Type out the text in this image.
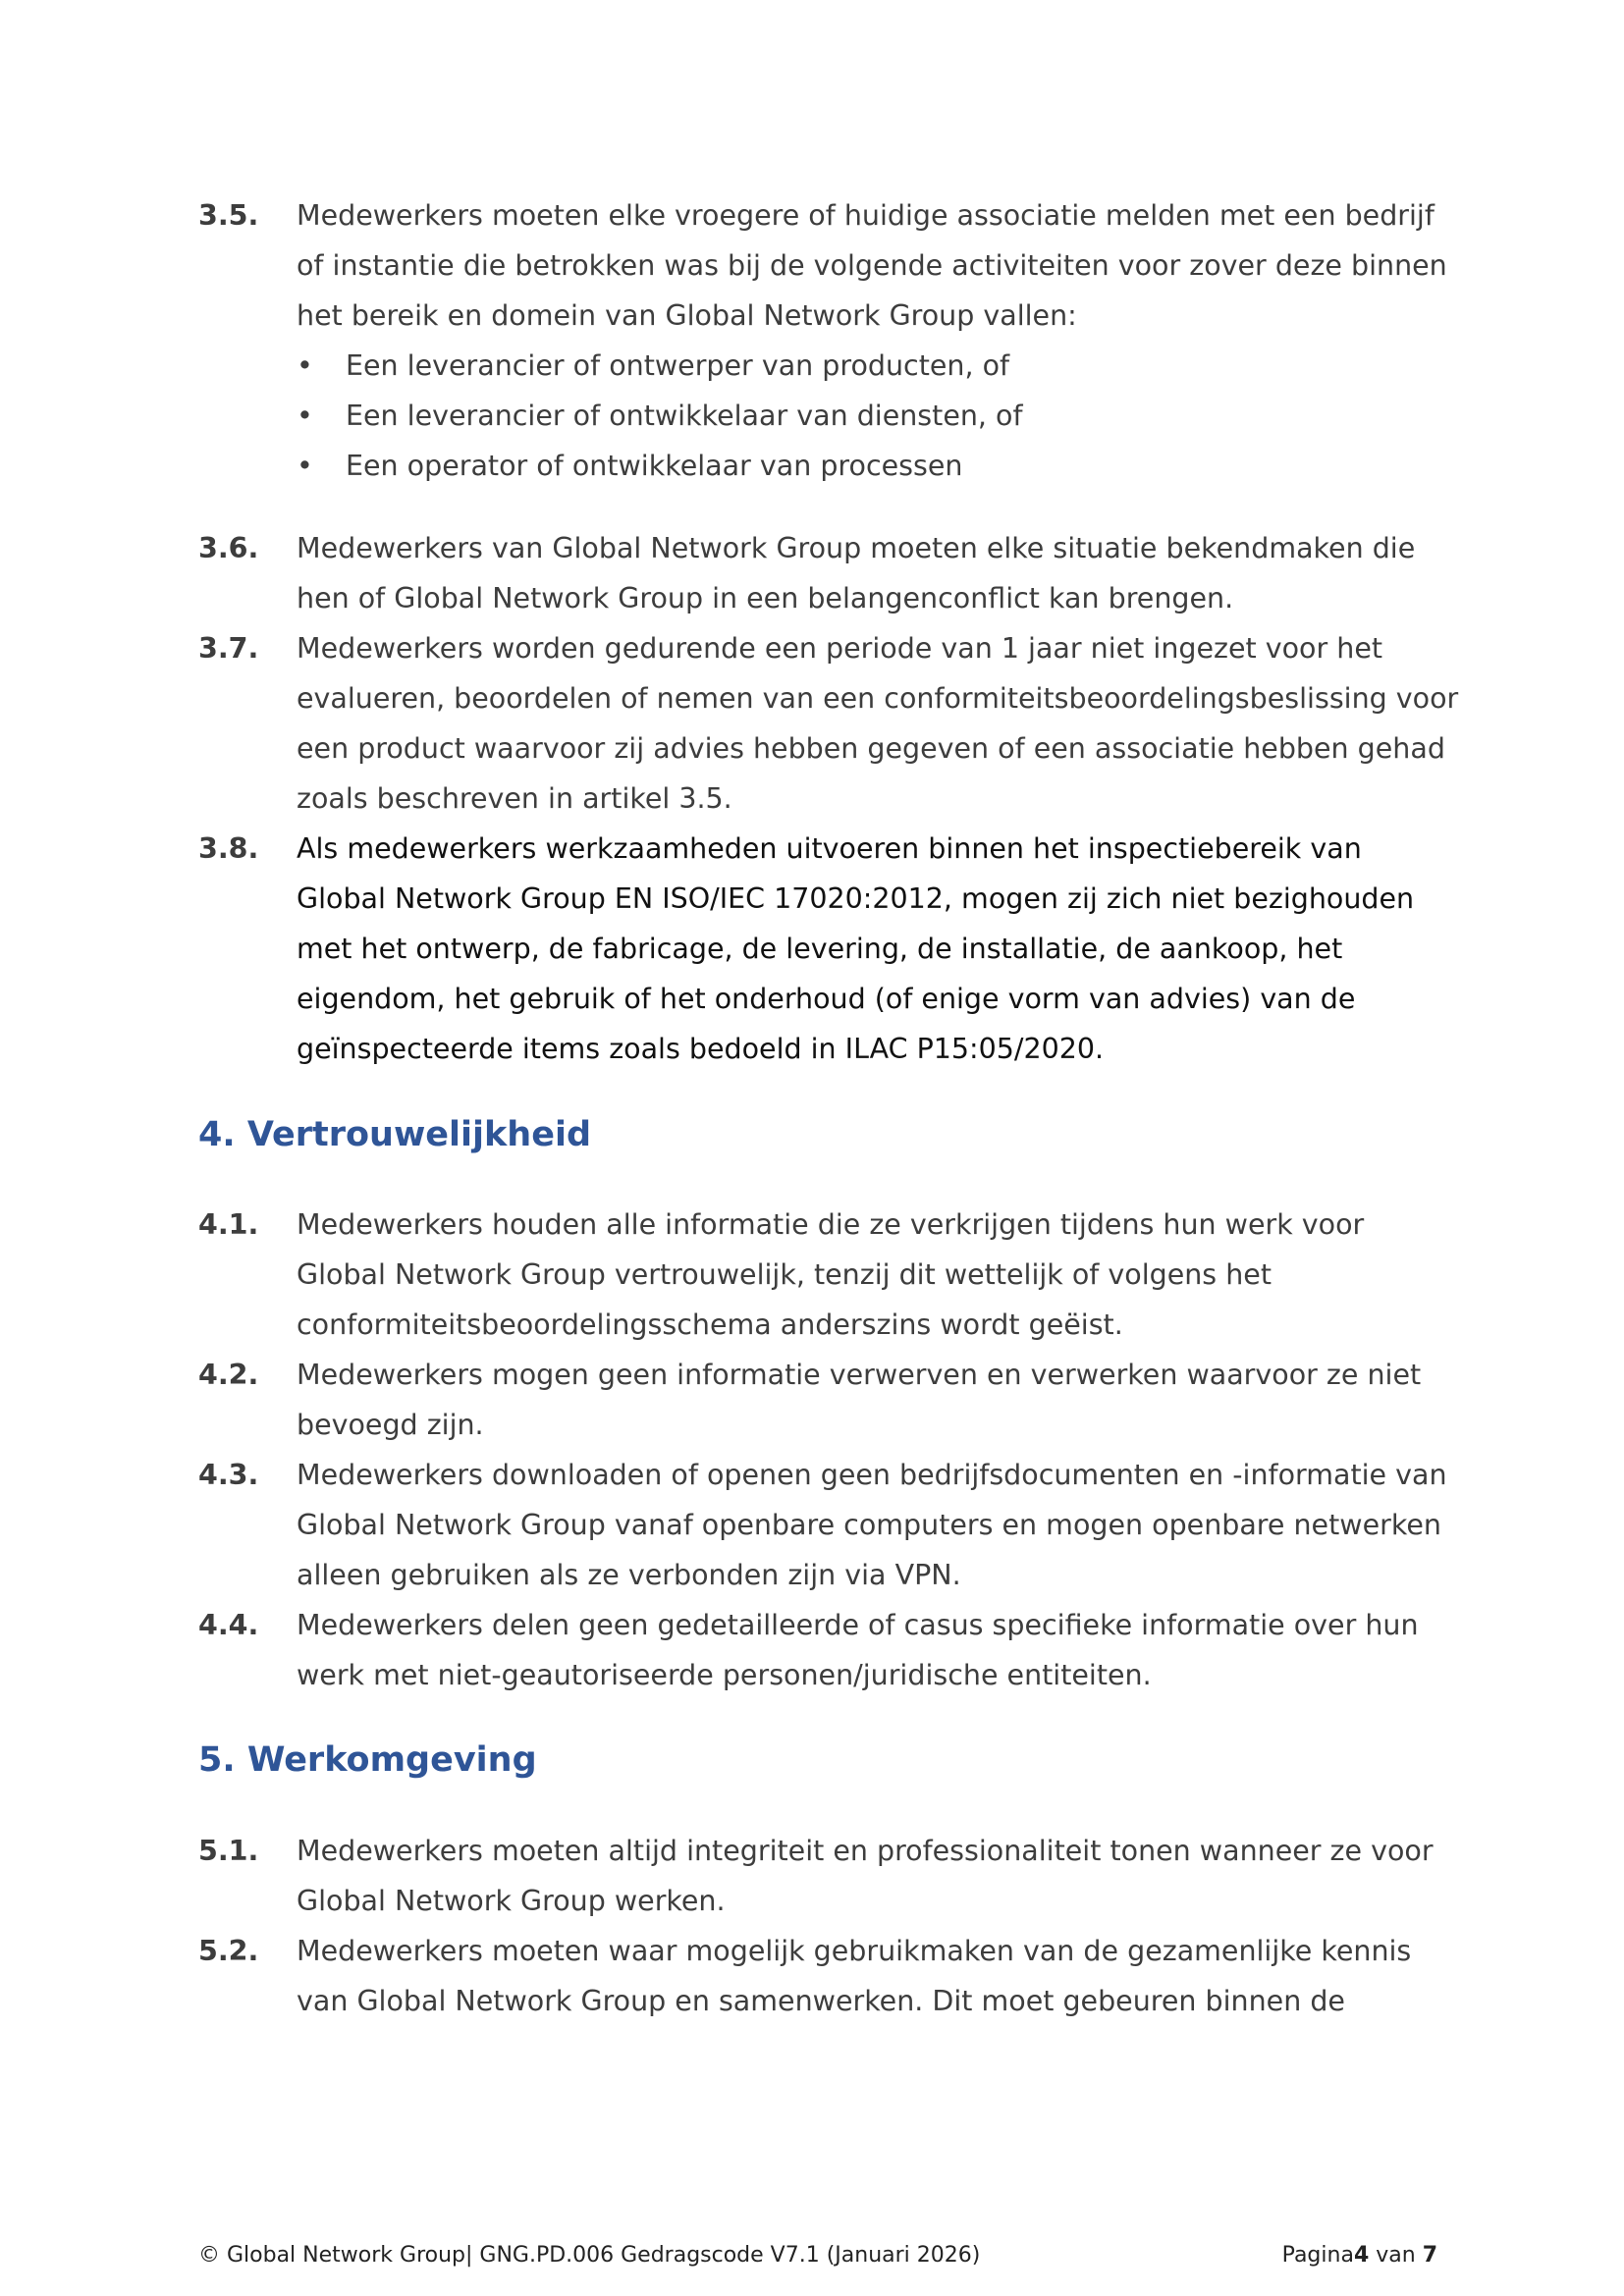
3.5.	Medewerkers moeten elke vroegere of huidige associatie melden met een bedrijf
of instantie die betrokken was bij de volgende activiteiten voor zover deze binnen
het bereik en domein van Global Network Group vallen:
•	Een leverancier of ontwerper van producten, of
•	Een leverancier of ontwikkelaar van diensten, of
•	Een operator of ontwikkelaar van processen
3.6.	Medewerkers van Global Network Group moeten elke situatie bekendmaken die
hen of Global Network Group in een belangenconflict kan brengen.
3.7.	Medewerkers worden gedurende een periode van 1 jaar niet ingezet voor het
evalueren, beoordelen of nemen van een conformiteitsbeoordelingsbeslissing voor
een product waarvoor zij advies hebben gegeven of een associatie hebben gehad
zoals beschreven in artikel 3.5.
3.8.	Als medewerkers werkzaamheden uitvoeren binnen het inspectiebereik van
Global Network Group EN ISO/IEC 17020:2012, mogen zij zich niet bezighouden
met het ontwerp, de fabricage, de levering, de installatie, de aankoop, het
eigendom, het gebruik of het onderhoud (of enige vorm van advies) van de
geïnspecteerde items zoals bedoeld in ILAC P15:05/2020.
4. Vertrouwelijkheid
4.1.	Medewerkers houden alle informatie die ze verkrijgen tijdens hun werk voor
Global Network Group vertrouwelijk, tenzij dit wettelijk of volgens het
conformiteitsbeoordelingsschema anderszins wordt geëist.
4.2.	Medewerkers mogen geen informatie verwerven en verwerken waarvoor ze niet
bevoegd zijn.
4.3.	Medewerkers downloaden of openen geen bedrijfsdocumenten en -informatie van
Global Network Group vanaf openbare computers en mogen openbare netwerken
alleen gebruiken als ze verbonden zijn via VPN.
4.4.	Medewerkers delen geen gedetailleerde of casus specifieke informatie over hun
werk met niet-geautoriseerde personen/juridische entiteiten.
5. Werkomgeving
5.1.	Medewerkers moeten altijd integriteit en professionaliteit tonen wanneer ze voor
Global Network Group werken.
5.2.	Medewerkers moeten waar mogelijk gebruikmaken van de gezamenlijke kennis
van Global Network Group en samenwerken. Dit moet gebeuren binnen de
© Global Network Group| GNG.PD.006 Gedragscode V7.1 (Januari 2026)	Pagina4 van 7
